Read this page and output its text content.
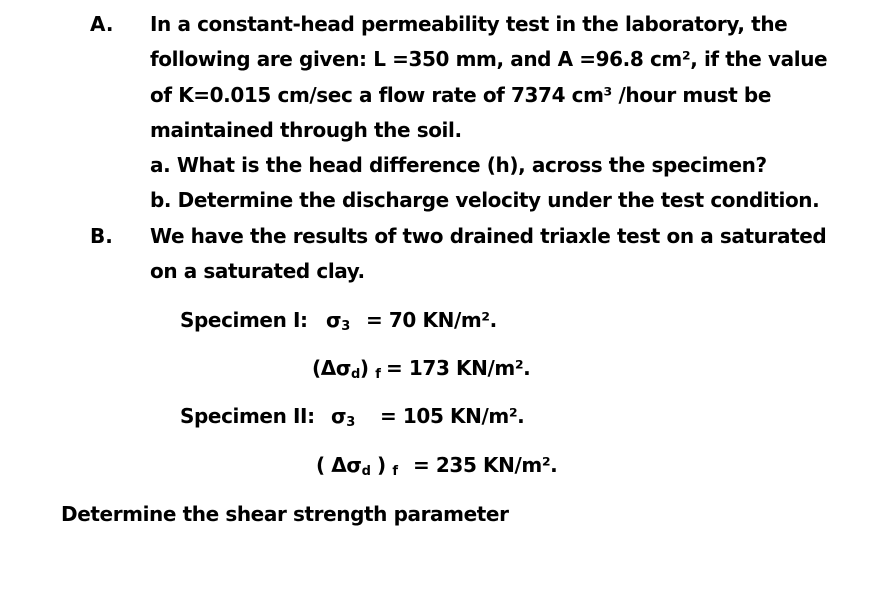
A. In a constant-head permeability test in the laboratory, the
following are given: L =350 mm, and A =96.8 cm², if the value
of K=0.015 cm/sec a flow rate of 7374 cm³ /hour must be
maintained through the soil.
a. What is the head difference (h), across the specimen?
b. Determine the discharge velocity under the test condition.
B. We have the results of two drained triaxle test on a saturated
on a saturated clay.
Specimen I: $\sigma_3 = 70$ KN/m².
$(\Delta\sigma_d) _f = 173$ KN/m².
Specimen II: $\sigma_3 = 105$ KN/m².
( $\Delta\sigma_d$ ) $_f$ = 235 KN/m².
Determine the shear strength parameter
